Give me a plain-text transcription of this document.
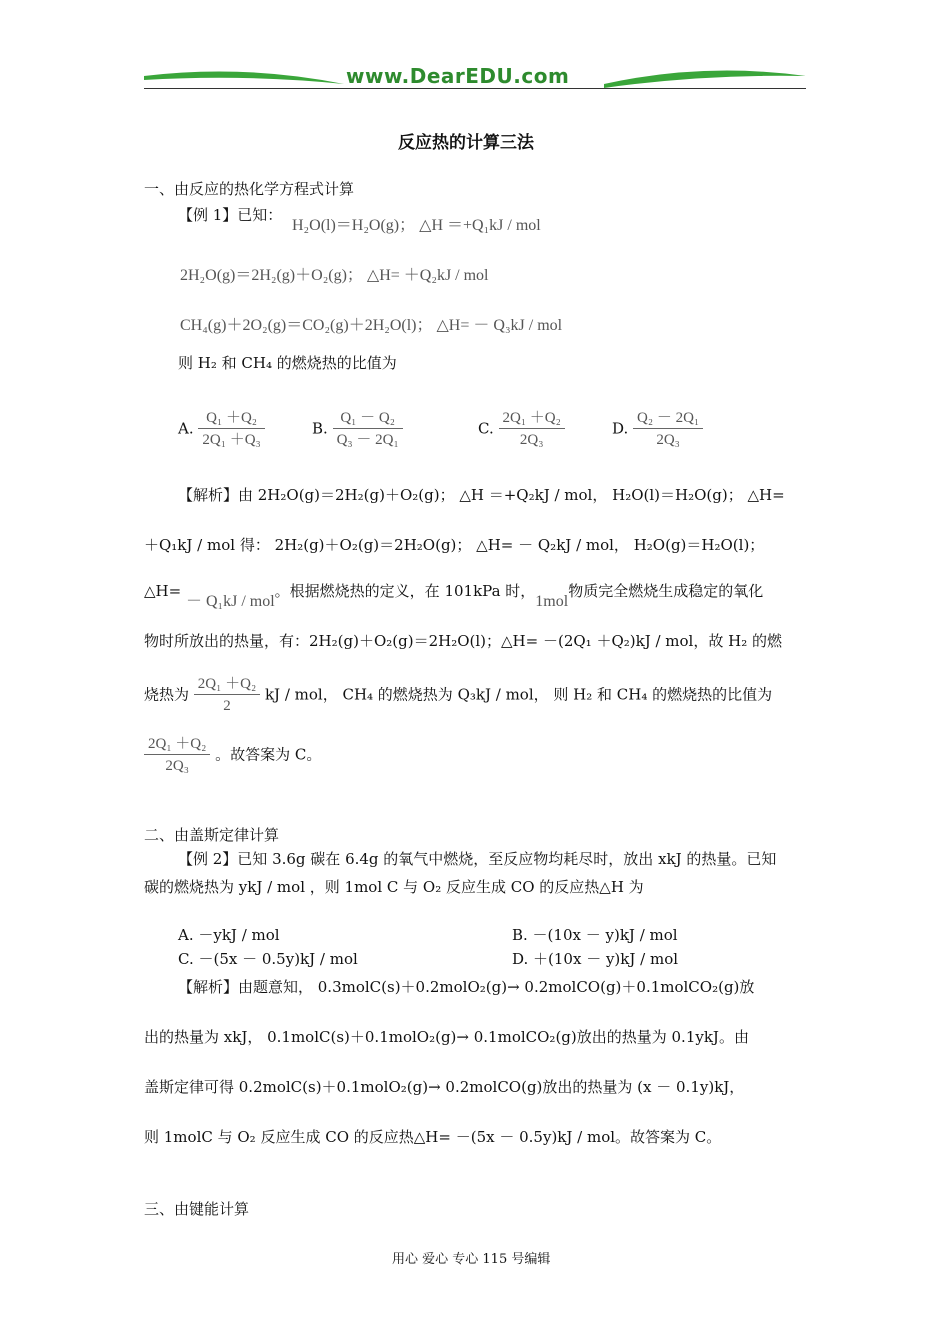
www.DearEDU.com
反应热的计算三法
一、由反应的热化学方程式计算
【例 1】已知：
H₂O(l)＝H₂O(g)； △H ＝+Q₁kJ / mol
2H₂O(g)＝2H₂(g)＋O₂(g)； △H= ＋Q₂kJ / mol
CH₄(g)＋2O₂(g)＝CO₂(g)＋2H₂O(l)； △H= － Q₃kJ / mol
则 H₂ 和 CH₄ 的燃烧热的比值为
A. $\frac{\text{Q₁ ＋Q₂}}{\text{2Q₁ ＋Q₃}}$	B. $\frac{\text{Q₁ － Q₂}}{\text{Q₃ － 2Q₁}}$	C. $\frac{\text{2Q₁ ＋Q₂}}{\text{2Q₃}}$	D. $\frac{\text{Q₂ － 2Q₁}}{\text{2Q₃}}$
【解析】由 2H₂O(g)＝2H₂(g)＋O₂(g)； △H ＝+Q₂kJ / mol， H₂O(l)＝H₂O(g)； △H=
＋Q₁kJ / mol 得： 2H₂(g)＋O₂(g)＝2H₂O(g)； △H= － Q₂kJ / mol， H₂O(g)＝H₂O(l)；
△H= － Q₁kJ / mol。根据燃烧热的定义，在 101kPa 时，1mol物质完全燃烧生成稳定的氧化
物时所放出的热量，有：2H₂(g)＋O₂(g)＝2H₂O(l)；△H= －(2Q₁ ＋Q₂)kJ / mol，故 H₂ 的燃
烧热为 $\frac{\text{2Q₁ ＋Q₂}}{2}$ kJ / mol， CH₄ 的燃烧热为 Q₃kJ / mol， 则 H₂ 和 CH₄ 的燃烧热的比值为
$\frac{\text{2Q₁ ＋Q₂}}{\text{2Q₃}}$ 。故答案为 C。
二、由盖斯定律计算
【例 2】已知 3.6g 碳在 6.4g 的氧气中燃烧，至反应物均耗尽时，放出 xkJ 的热量。已知
碳的燃烧热为 ykJ / mol ，则 1mol C 与 O₂ 反应生成 CO 的反应热△H 为
A. －ykJ / mol	B. －(10x － y)kJ / mol
C. －(5x － 0.5y)kJ / mol	D. ＋(10x － y)kJ / mol
【解析】由题意知， 0.3molC(s)＋0.2molO₂(g)→ 0.2molCO(g)＋0.1molCO₂(g)放
出的热量为 xkJ， 0.1molC(s)＋0.1molO₂(g)→ 0.1molCO₂(g)放出的热量为 0.1ykJ。由
盖斯定律可得 0.2molC(s)＋0.1molO₂(g)→ 0.2molCO(g)放出的热量为 (x － 0.1y)kJ，
则 1molC 与 O₂ 反应生成 CO 的反应热△H= －(5x － 0.5y)kJ / mol。故答案为 C。
三、由键能计算
用心 爱心 专心 115 号编辑
